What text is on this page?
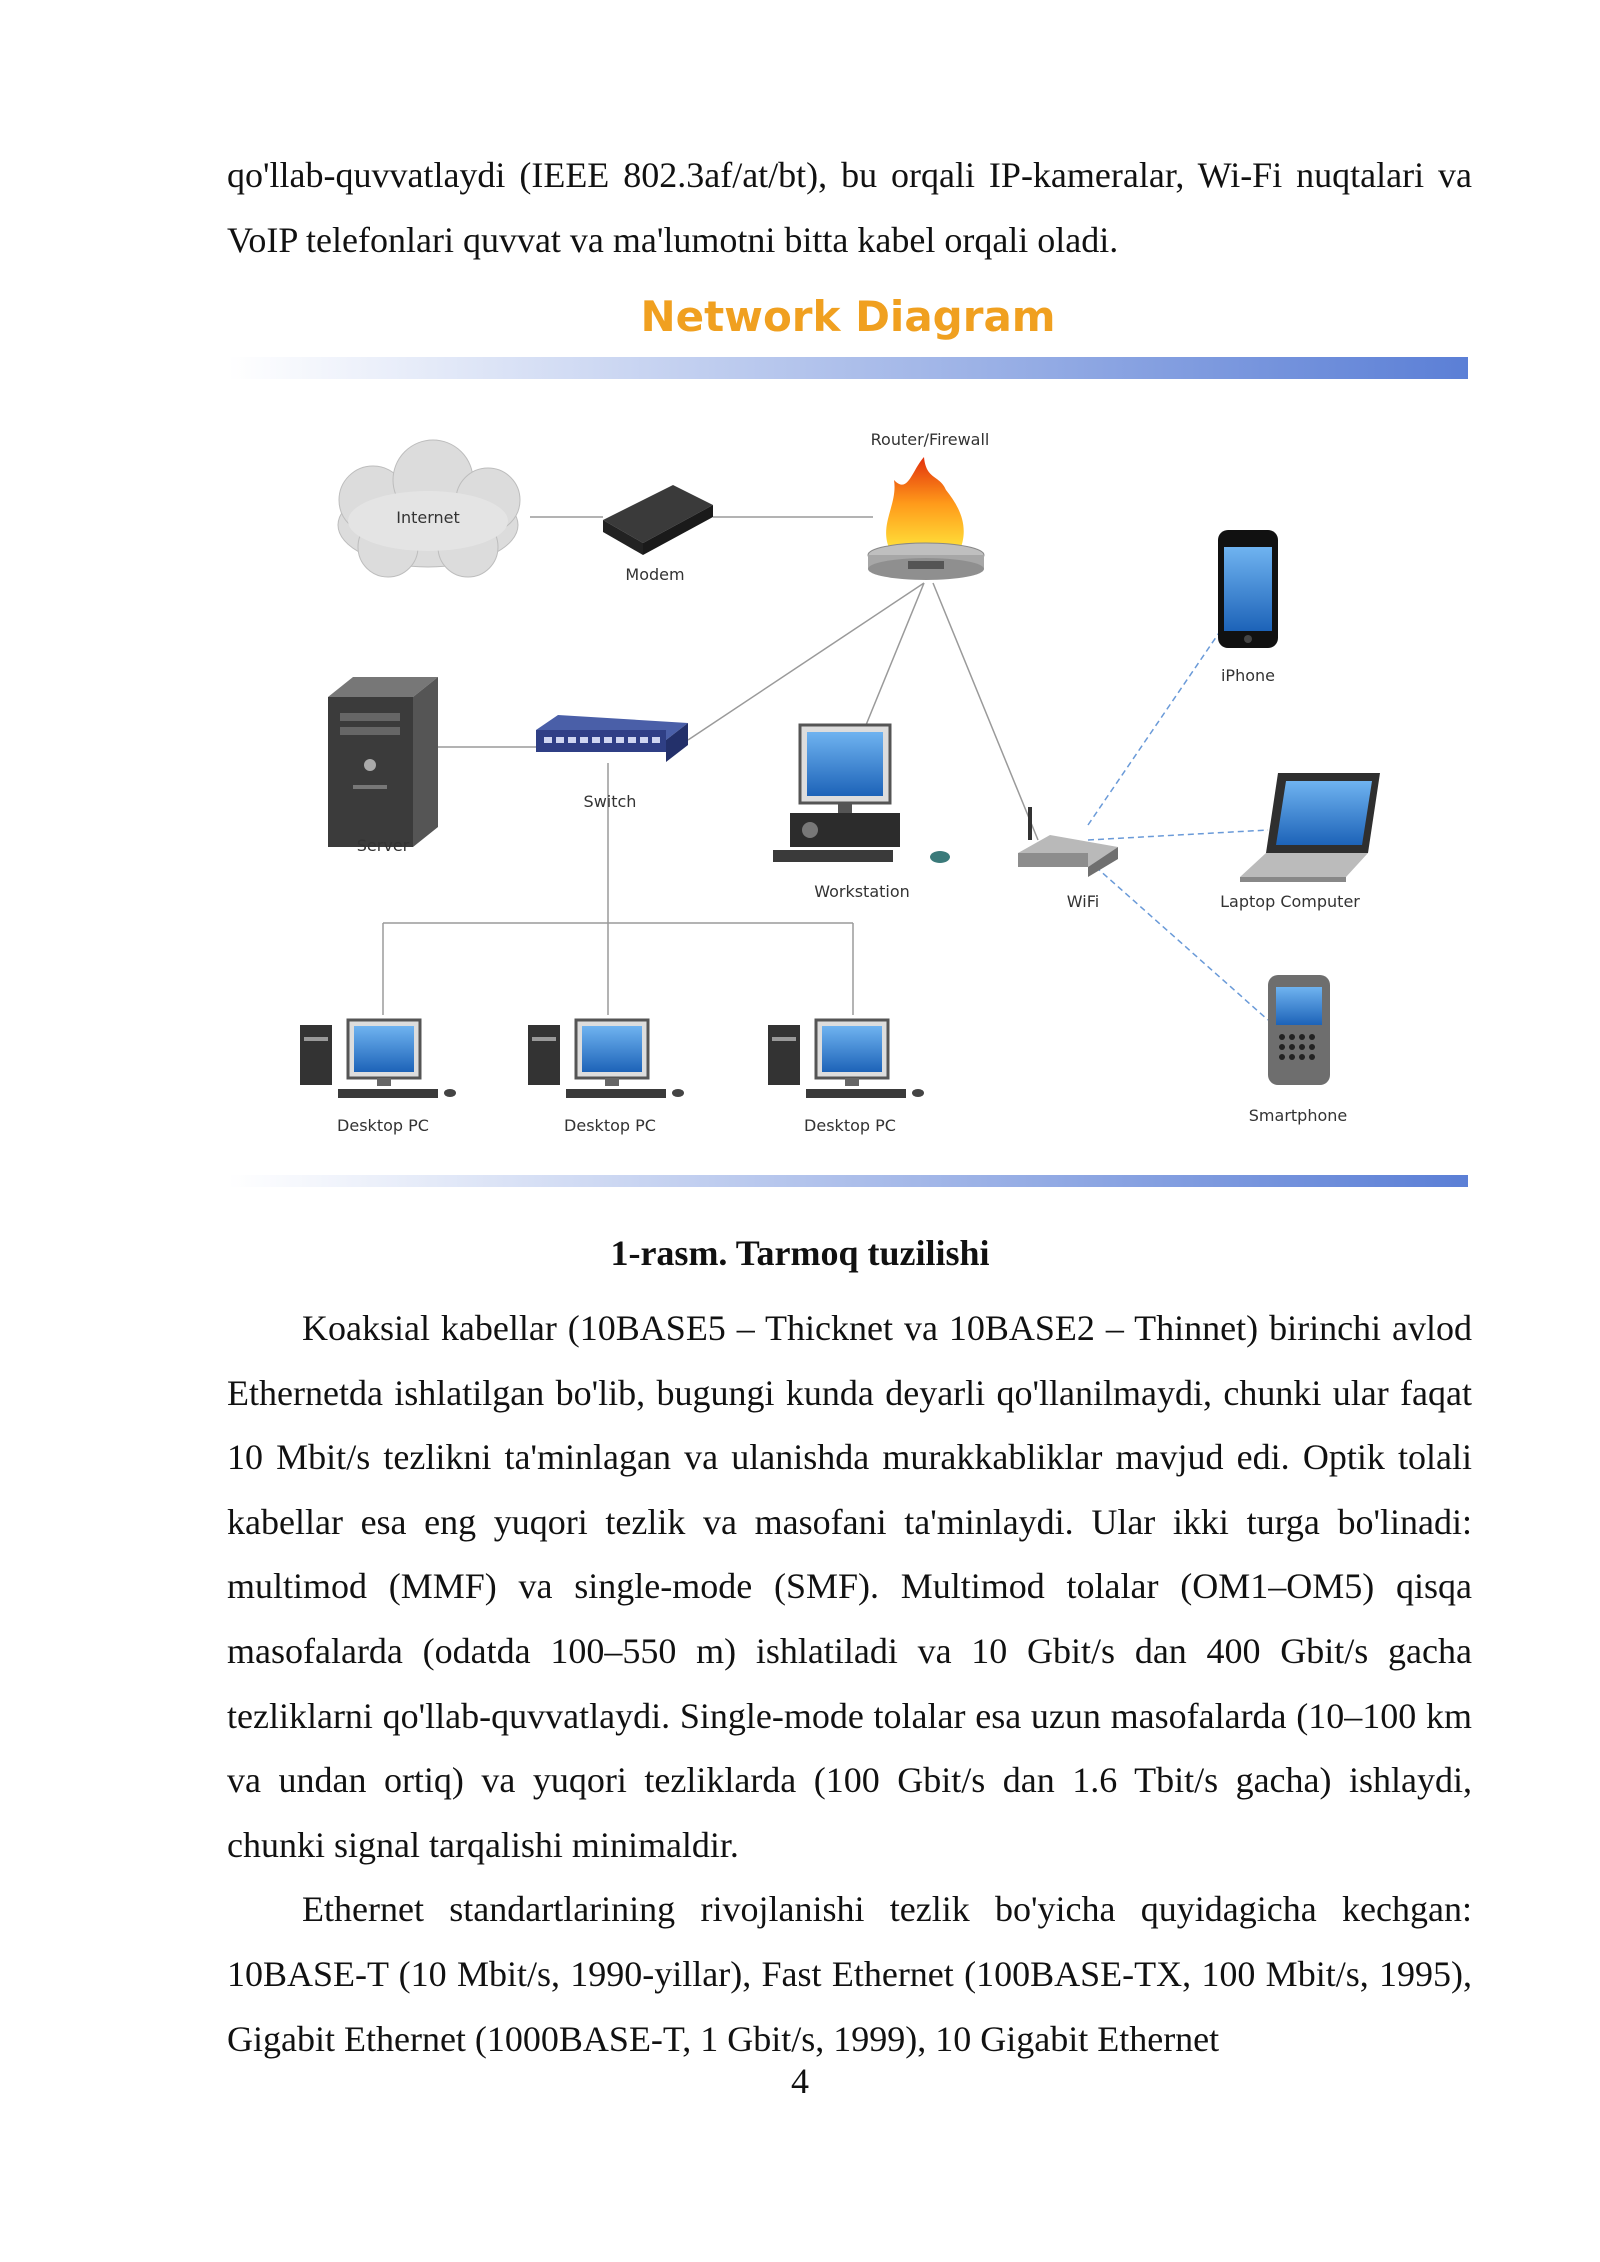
qo'llab-quvvatlaydi (IEEE 802.3af/at/bt), bu orqali IP-kameralar, Wi-Fi nuqtalari va VoIP telefonlari quvvat va ma'lumotni bitta kabel orqali oladi.

Network Diagram
Internet
Modem
Router/Firewall
iPhone
Server
Switch
Workstation
WiFi	Laptop Computer
Smartphone
Desktop PC	Desktop PC	Desktop PC
1-rasm. Tarmoq tuzilishi

Koaksial kabellar (10BASE5 – Thicknet va 10BASE2 – Thinnet) birinchi avlod Ethernetda ishlatilgan bo'lib, bugungi kunda deyarli qo'llanilmaydi, chunki ular faqat 10 Mbit/s tezlikni ta'minlagan va ulanishda murakkabliklar mavjud edi. Optik tolali kabellar esa eng yuqori tezlik va masofani ta'minlaydi. Ular ikki turga bo'linadi: multimod (MMF) va single-mode (SMF). Multimod tolalar (OM1–OM5) qisqa masofalarda (odatda 100–550 m) ishlatiladi va 10 Gbit/s dan 400 Gbit/s gacha tezliklarni qo'llab-quvvatlaydi. Single-mode tolalar esa uzun masofalarda (10–100 km va undan ortiq) va yuqori tezliklarda (100 Gbit/s dan 1.6 Tbit/s gacha) ishlaydi, chunki signal tarqalishi minimaldir.

Ethernet standartlarining rivojlanishi tezlik bo'yicha quyidagicha kechgan: 10BASE-T (10 Mbit/s, 1990-yillar), Fast Ethernet (100BASE-TX, 100 Mbit/s, 1995), Gigabit Ethernet (1000BASE-T, 1 Gbit/s, 1999), 10 Gigabit Ethernet

4
